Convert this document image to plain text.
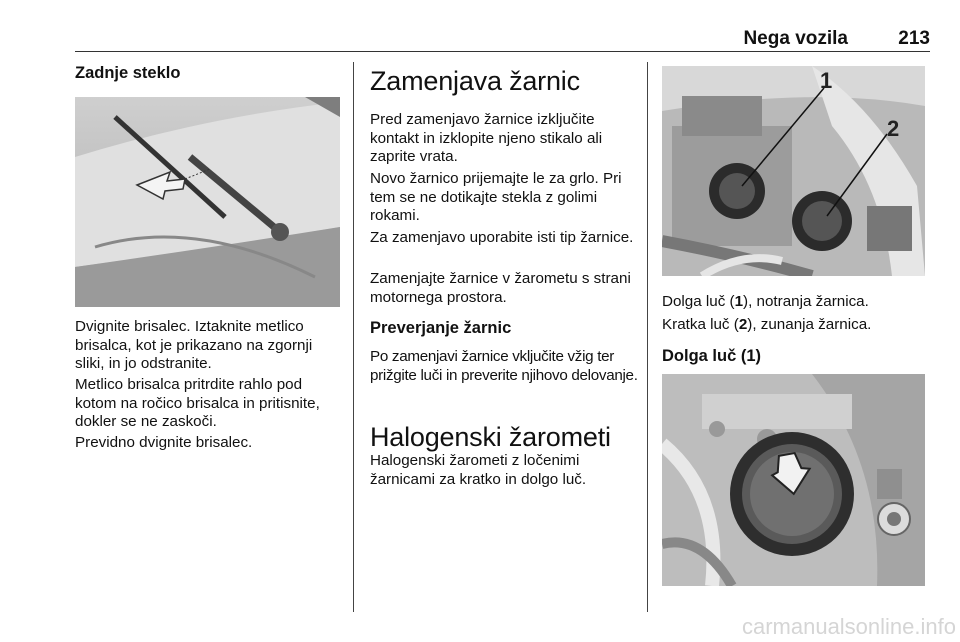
Nega vozila	213
Zadnje steklo

Dvignite brisalec. Iztaknite metlico brisalca, kot je prikazano na zgornji sliki, in jo odstranite.

Metlico brisalca pritrdite rahlo pod kotom na ročico brisalca in pritisnite, dokler se ne zaskoči.

Previdno dvignite brisalec.

Zamenjava žarnic

Pred zamenjavo žarnice izključite kontakt in izklopite njeno stikalo ali zaprite vrata.

Novo žarnico prijemajte le za grlo. Pri tem se ne dotikajte stekla z golimi rokami.

Za zamenjavo uporabite isti tip žarnice.

Zamenjajte žarnice v žarometu s strani motornega prostora.

Preverjanje žarnic

Po zamenjavi žarnice vključite vžig ter prižgite luči in preverite njihovo delovanje.

Halogenski žarometi

Halogenski žarometi z ločenimi žarnicami za kratko in dolgo luč.

1
2

Dolga luč (1), notranja žarnica.

Kratka luč (2), zunanja žarnica.

Dolga luč (1)
carmanualsonline.info
